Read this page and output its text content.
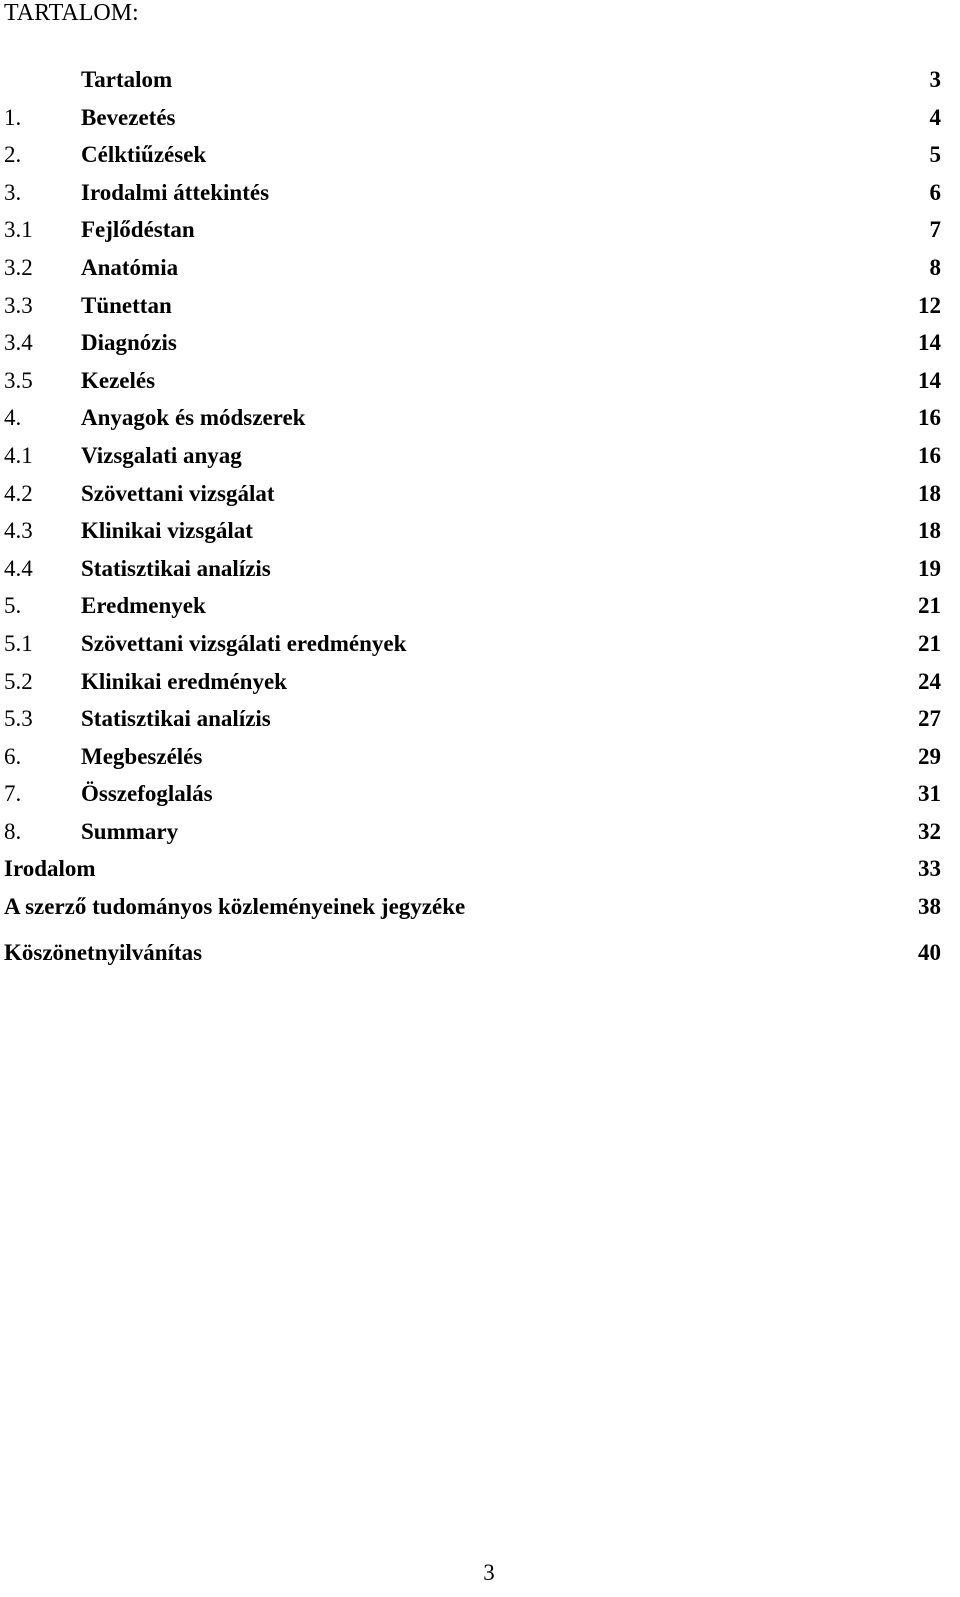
TARTALOM:
Tartalom	3
1.	Bevezetés	4
2.	Célktiűzések	5
3.	Irodalmi áttekintés	6
3.1 Fejlődéstan	7
3.2 Anatómia	8
3.3 Tünettan	12
3.4 Diagnózis	14
3.5 Kezelés	14
4.	Anyagok és módszerek	16
4.1 Vizsgalati anyag	16
4.2 Szövettani vizsgálat	18
4.3 Klinikai vizsgálat	18
4.4 Statisztikai analízis	19
5.	Eredmenyek	21
5.1 Szövettani vizsgálati eredmények	21
5.2 Klinikai eredmények	24
5.3 Statisztikai analízis	27
6.	Megbeszélés	29
7.	Összefoglalás	31
8.	Summary	32
Irodalom	33
A szerző tudományos közleményeinek jegyzéke	38
Köszönetnyilvánítas	40
3
